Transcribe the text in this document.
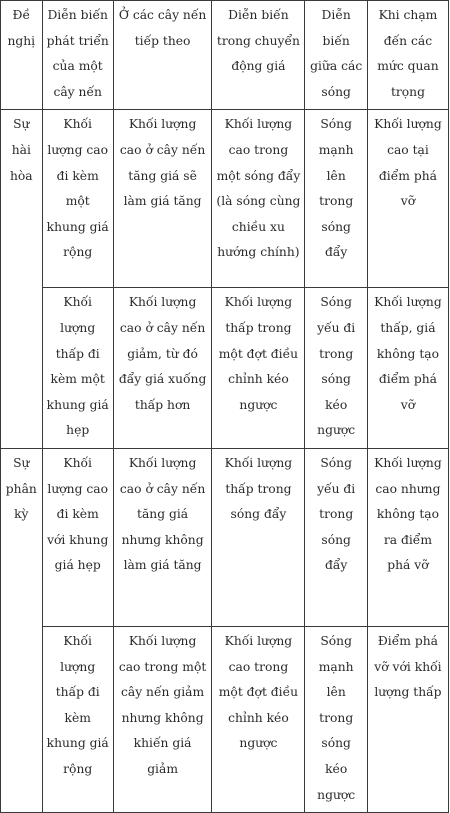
Đề nghị	Diễn biến phát triển của một cây nến	Ở các cây nến tiếp theo	Diễn biến trong chuyển động giá	Diễn biến giữa các sóng	Khi chạm đến các mức quan trọng
Sự hài hòa	Khối lượng cao đi kèm một khung giá rộng	Khối lượng cao ở cây nến tăng giá sẽ làm giá tăng	Khối lượng cao trong một sóng đẩy (là sóng cùng chiều xu hướng chính)	Sóng mạnh lên trong sóng đẩy	Khối lượng cao tại điểm phá vỡ
	Khối lượng thấp đi kèm một khung giá hẹp	Khối lượng cao ở cây nến giảm, từ đó đẩy giá xuống thấp hơn	Khối lượng thấp trong một đợt điều chỉnh kéo ngược	Sóng yếu đi trong sóng kéo ngược	Khối lượng thấp, giá không tạo điểm phá vỡ
Sự phân kỳ	Khối lượng cao đi kèm với khung giá hẹp	Khối lượng cao ở cây nến tăng giá nhưng không làm giá tăng	Khối lượng thấp trong sóng đẩy	Sóng yếu đi trong sóng đẩy	Khối lượng cao nhưng không tạo ra điểm phá vỡ
	Khối lượng thấp đi kèm khung giá rộng	Khối lượng cao trong một cây nến giảm nhưng không khiến giá giảm	Khối lượng cao trong một đợt điều chỉnh kéo ngược	Sóng mạnh lên trong sóng kéo ngược	Điểm phá vỡ với khối lượng thấp
